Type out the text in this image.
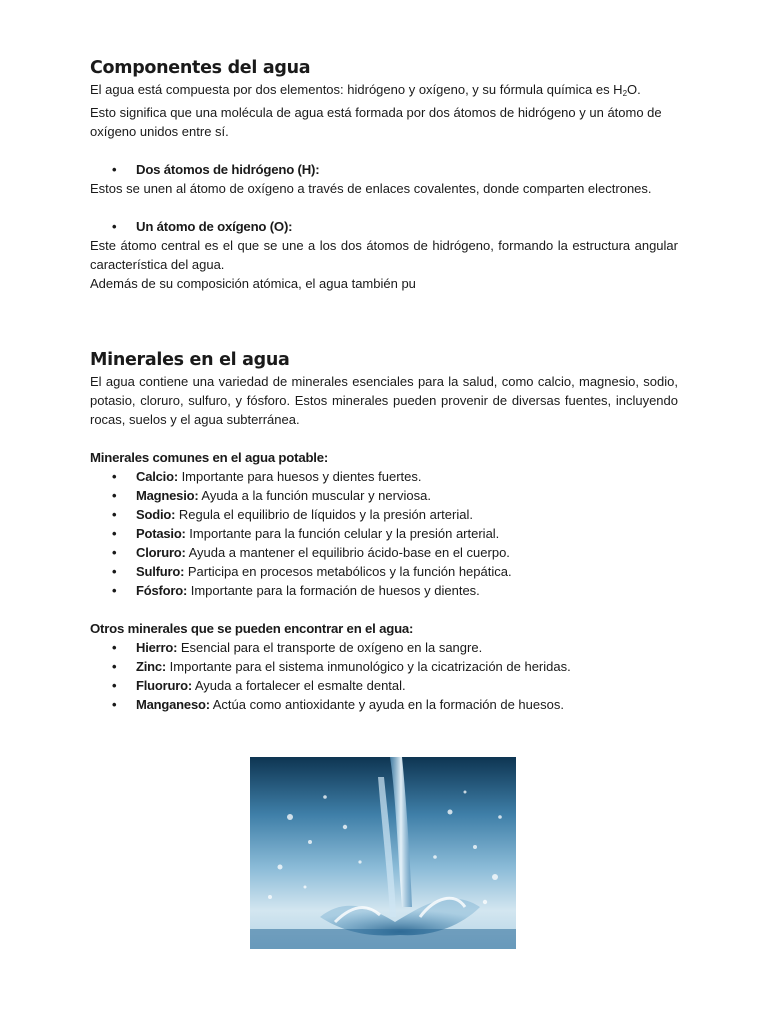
Componentes del agua

El agua está compuesta por dos elementos: hidrógeno y oxígeno, y su fórmula química es $H_2O$.
Esto significa que una molécula de agua está formada por dos átomos de hidrógeno y un átomo de oxígeno unidos entre sí.

• Dos átomos de hidrógeno (H):

Estos se unen al átomo de oxígeno a través de enlaces covalentes, donde comparten electrones.

• Un átomo de oxígeno (O):

Este átomo central es el que se une a los dos átomos de hidrógeno, formando la estructura angular característica del agua.

Además de su composición atómica, el agua también pu

Minerales en el agua

El agua contiene una variedad de minerales esenciales para la salud, como calcio, magnesio, sodio, potasio, cloruro, sulfuro, y fósforo. Estos minerales pueden provenir de diversas fuentes, incluyendo rocas, suelos y el agua subterránea.

Minerales comunes en el agua potable:

• Calcio: Importante para huesos y dientes fuertes.
• Magnesio: Ayuda a la función muscular y nerviosa.
• Sodio: Regula el equilibrio de líquidos y la presión arterial.
• Potasio: Importante para la función celular y la presión arterial.
• Cloruro: Ayuda a mantener el equilibrio ácido-base en el cuerpo.
• Sulfuro: Participa en procesos metabólicos y la función hepática.
• Fósforo: Importante para la formación de huesos y dientes.

Otros minerales que se pueden encontrar en el agua:

• Hierro: Esencial para el transporte de oxígeno en la sangre.
• Zinc: Importante para el sistema inmunológico y la cicatrización de heridas.
• Fluoruro: Ayuda a fortalecer el esmalte dental.
• Manganeso: Actúa como antioxidante y ayuda en la formación de huesos.
